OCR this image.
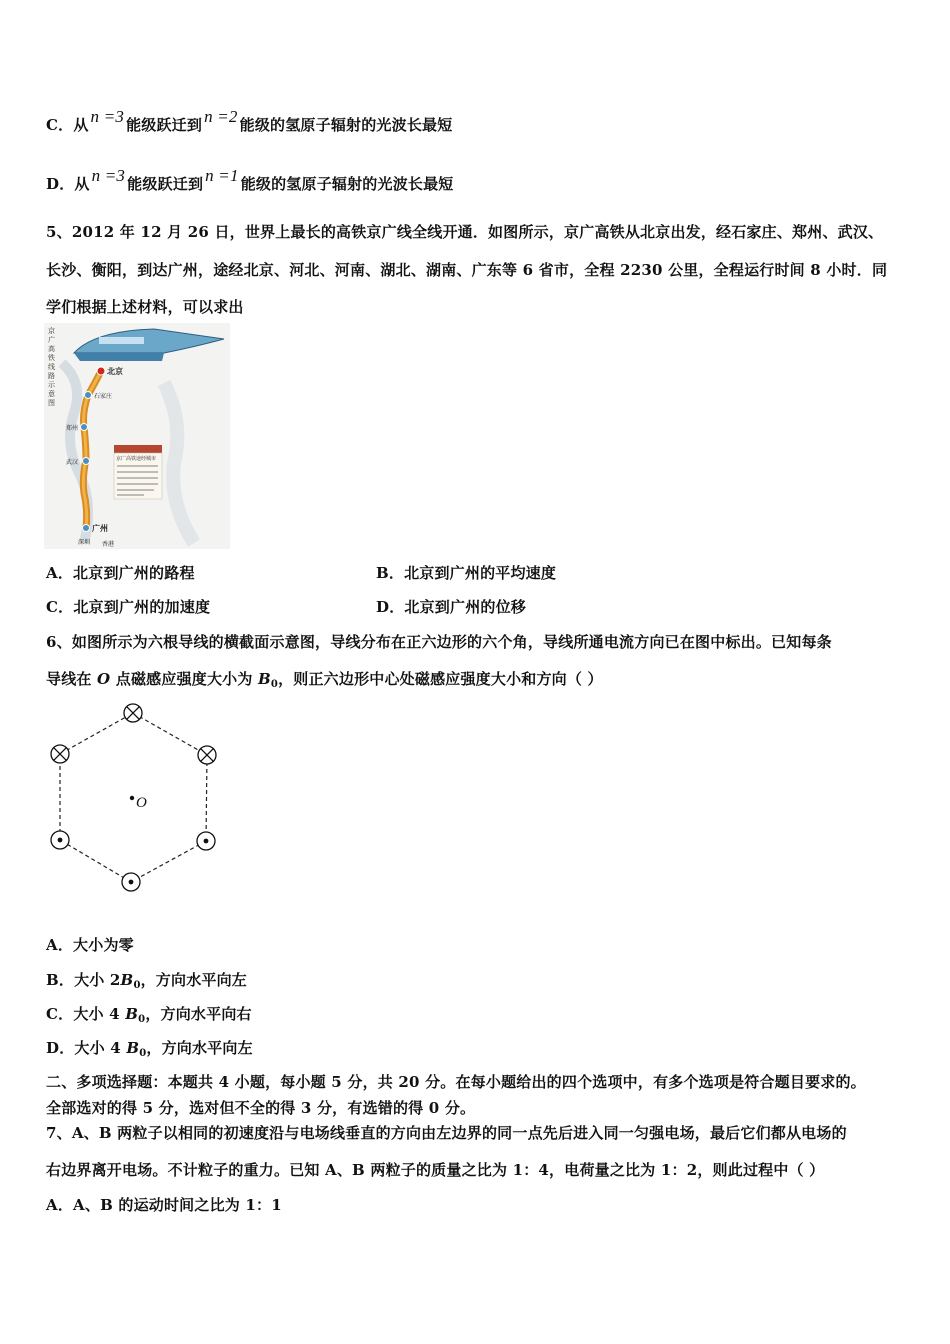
C．从 n =3 能级跃迁到 n =2 能级的氢原子辐射的光波长最短
D．从 n =3 能级跃迁到 n =1 能级的氢原子辐射的光波长最短
5、2012 年 12 月 26 日，世界上最长的高铁京广线全线开通．如图所示，京广高铁从北京出发，经石家庄、郑州、武汉、
长沙、衡阳，到达广州，途经北京、河北、河南、湖北、湖南、广东等 6 省市，全程 2230 公里，全程运行时间 8 小时．同
学们根据上述材料，可以求出
京广高铁线路示意图
北京
石家庄
郑州
武汉
广州
深圳 香港
京广高铁途经城市
A．北京到广州的路程	B．北京到广州的平均速度
C．北京到广州的加速度	D．北京到广州的位移
6、如图所示为六根导线的横截面示意图，导线分布在正六边形的六个角，导线所通电流方向已在图中标出。已知每条
导线在 O 点磁感应强度大小为 $B_0$，则正六边形中心处磁感应强度大小和方向（ ）
O
A．大小为零
B．大小 $2B_0$，方向水平向左
C．大小 4 $B_0$，方向水平向右
D．大小 4 $B_0$，方向水平向左
二、多项选择题：本题共 4 小题，每小题 5 分，共 20 分。在每小题给出的四个选项中，有多个选项是符合题目要求的。
全部选对的得 5 分，选对但不全的得 3 分，有选错的得 0 分。
7、A、B 两粒子以相同的初速度沿与电场线垂直的方向由左边界的同一点先后进入同一匀强电场，最后它们都从电场的
右边界离开电场。不计粒子的重力。已知 A、B 两粒子的质量之比为 1：4，电荷量之比为 1：2，则此过程中（ ）
A．A、B 的运动时间之比为 1：1
